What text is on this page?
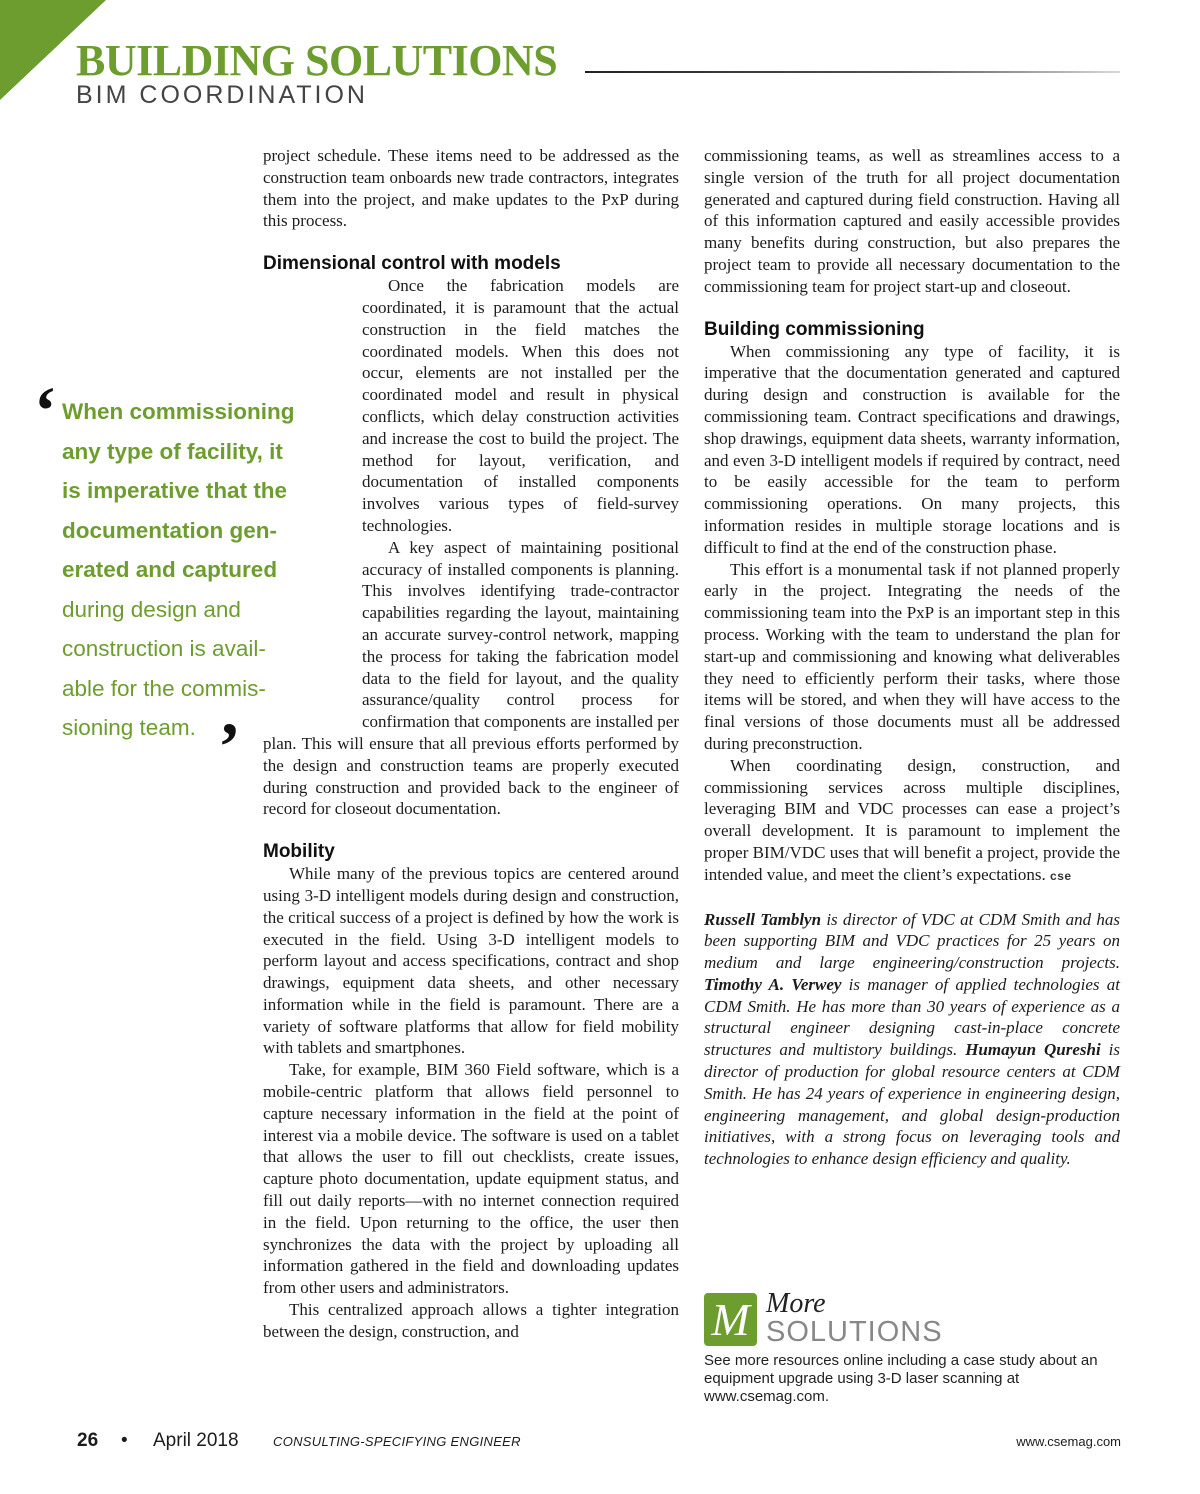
BUILDING SOLUTIONS
BIM COORDINATION
‘ When commissioning
any type of facility, it
is imperative that the
documentation gen-
erated and captured
during design and
construction is avail-
able for the commis-
sioning team. ’

project schedule. These items need to be addressed as the construction team onboards new trade contractors, integrates them into the project, and make updates to the PxP during this process.

Dimensional control with models

Once the fabrication models are coordinated, it is paramount that the actual construction in the field matches the coordinated models. When this does not occur, elements are not installed per the coordinated model and result in physical conflicts, which delay construction activities and increase the cost to build the project. The method for layout, verification, and documentation of installed components involves various types of field-survey technologies.

A key aspect of maintaining positional accuracy of installed components is planning. This involves identifying trade-contractor capabilities regarding the layout, maintaining an accurate survey-control network, mapping the process for taking the fabrication model data to the field for layout, and the quality assurance/quality control process for confirmation that components are installed per plan. This will ensure that all previous efforts performed by the design and construction teams are properly executed during construction and provided back to the engineer of record for closeout documentation.

Mobility

While many of the previous topics are centered around using 3-D intelligent models during design and construction, the critical success of a project is defined by how the work is executed in the field. Using 3-D intelligent models to perform layout and access specifications, contract and shop drawings, equipment data sheets, and other necessary information while in the field is paramount. There are a variety of software platforms that allow for field mobility with tablets and smartphones.

Take, for example, BIM 360 Field software, which is a mobile-centric platform that allows field personnel to capture necessary information in the field at the point of interest via a mobile device. The software is used on a tablet that allows the user to fill out checklists, create issues, capture photo documentation, update equipment status, and fill out daily reports—with no internet connection required in the field. Upon returning to the office, the user then synchronizes the data with the project by uploading all information gathered in the field and downloading updates from other users and administrators.

This centralized approach allows a tighter integration between the design, construction, and

commissioning teams, as well as streamlines access to a single version of the truth for all project documentation generated and captured during field construction. Having all of this information captured and easily accessible provides many benefits during construction, but also prepares the project team to provide all necessary documentation to the commissioning team for project start-up and closeout.

Building commissioning

When commissioning any type of facility, it is imperative that the documentation generated and captured during design and construction is available for the commissioning team. Contract specifications and drawings, shop drawings, equipment data sheets, warranty information, and even 3-D intelligent models if required by contract, need to be easily accessible for the team to perform commissioning operations. On many projects, this information resides in multiple storage locations and is difficult to find at the end of the construction phase.

This effort is a monumental task if not planned properly early in the project. Integrating the needs of the commissioning team into the PxP is an important step in this process. Working with the team to understand the plan for start-up and commissioning and knowing what deliverables they need to efficiently perform their tasks, where those items will be stored, and when they will have access to the final versions of those documents must all be addressed during preconstruction.

When coordinating design, construction, and commissioning services across multiple disciplines, leveraging BIM and VDC processes can ease a project’s overall development. It is paramount to implement the proper BIM/VDC uses that will benefit a project, provide the intended value, and meet the client’s expectations. cse

Russell Tamblyn is director of VDC at CDM Smith and has been supporting BIM and VDC practices for 25 years on medium and large engineering/construction projects. Timothy A. Verwey is manager of applied technologies at CDM Smith. He has more than 30 years of experience as a structural engineer designing cast-in-place concrete structures and multistory buildings. Humayun Qureshi is director of production for global resource centers at CDM Smith. He has 24 years of experience in engineering design, engineering management, and global design-production initiatives, with a strong focus on leveraging tools and technologies to enhance design efficiency and quality.

M More
SOLUTIONS
See more resources online including a case study about an equipment upgrade using 3-D laser scanning at www.csemag.com.
26 • April 2018	CONSULTING-SPECIFYING ENGINEER	www.csemag.com
